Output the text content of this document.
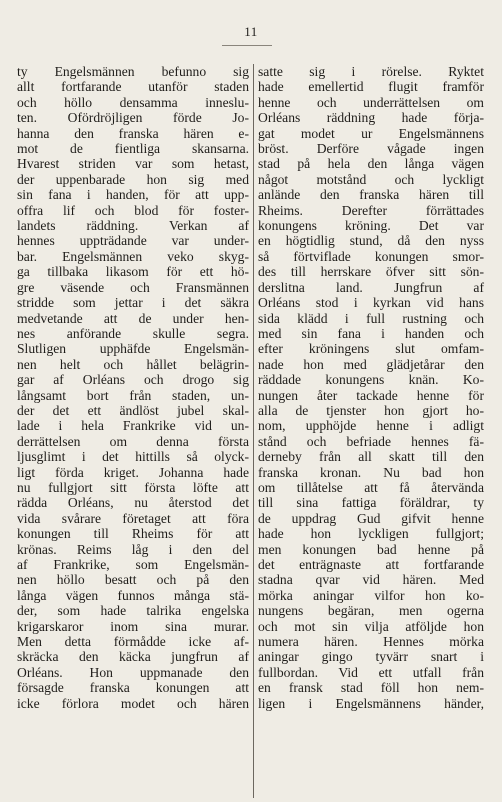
11
ty Engelsmännen befunno sig
allt fortfarande utanför staden
och höllo densamma inneslu-
ten. Ofördröjligen förde Jo-
hanna den franska hären e-
mot de fientliga skansarna.
Hvarest striden var som hetast,
der uppenbarade hon sig med
sin fana i handen, för att upp-
offra lif och blod för foster-
landets räddning. Verkan af
hennes uppträdande var under-
bar. Engelsmännen veko skyg-
ga tillbaka likasom för ett hö-
gre väsende och Fransmännen
stridde som jettar i det säkra
medvetande att de under hen-
nes anförande skulle segra.
Slutligen upphäfde Engelsmän-
nen helt och hållet belägrin-
gar af Orléans och drogo sig
långsamt bort från staden, un-
der det ett ändlöst jubel skal-
lade i hela Frankrike vid un-
derrättelsen om denna första
ljusglimt i det hittills så olyck-
ligt förda kriget. Johanna hade
nu fullgjort sitt första löfte att
rädda Orléans, nu återstod det
vida svårare företaget att föra
konungen till Rheims för att
krönas. Reims låg i den del
af Frankrike, som Engelsmän-
nen höllo besatt och på den
långa vägen funnos många stä-
der, som hade talrika engelska
krigarskaror inom sina murar.
Men detta förmådde icke af-
skräcka den käcka jungfrun af
Orléans. Hon uppmanade den
försagde franska konungen att
icke förlora modet och hären
satte sig i rörelse. Ryktet
hade emellertid flugit framför
henne och underrättelsen om
Orléans räddning hade förja-
gat modet ur Engelsmännens
bröst. Derföre vågade ingen
stad på hela den långa vägen
något motstånd och lyckligt
anlände den franska hären till
Rheims. Derefter förrättades
konungens kröning. Det var
en högtidlig stund, då den nyss
så förtviflade konungen smor-
des till herrskare öfver sitt sön-
derslitna land. Jungfrun af
Orléans stod i kyrkan vid hans
sida klädd i full rustning och
med sin fana i handen och
efter kröningens slut omfam-
nade hon med glädjetårar den
räddade konungens knän. Ko-
nungen åter tackade henne för
alla de tjenster hon gjort ho-
nom, upphöjde henne i adligt
stånd och befriade hennes fä-
derneby från all skatt till den
franska kronan. Nu bad hon
om tillåtelse att få återvända
till sina fattiga föräldrar, ty
de uppdrag Gud gifvit henne
hade hon lyckligen fullgjort;
men konungen bad henne på
det enträgnaste att fortfarande
stadna qvar vid hären. Med
mörka aningar vilfor hon ko-
nungens begäran, men ogerna
och mot sin vilja atföljde hon
numera hären. Hennes mörka
aningar gingo tyvärr snart i
fullbordan. Vid ett utfall från
en fransk stad föll hon nem-
ligen i Engelsmännens händer,
